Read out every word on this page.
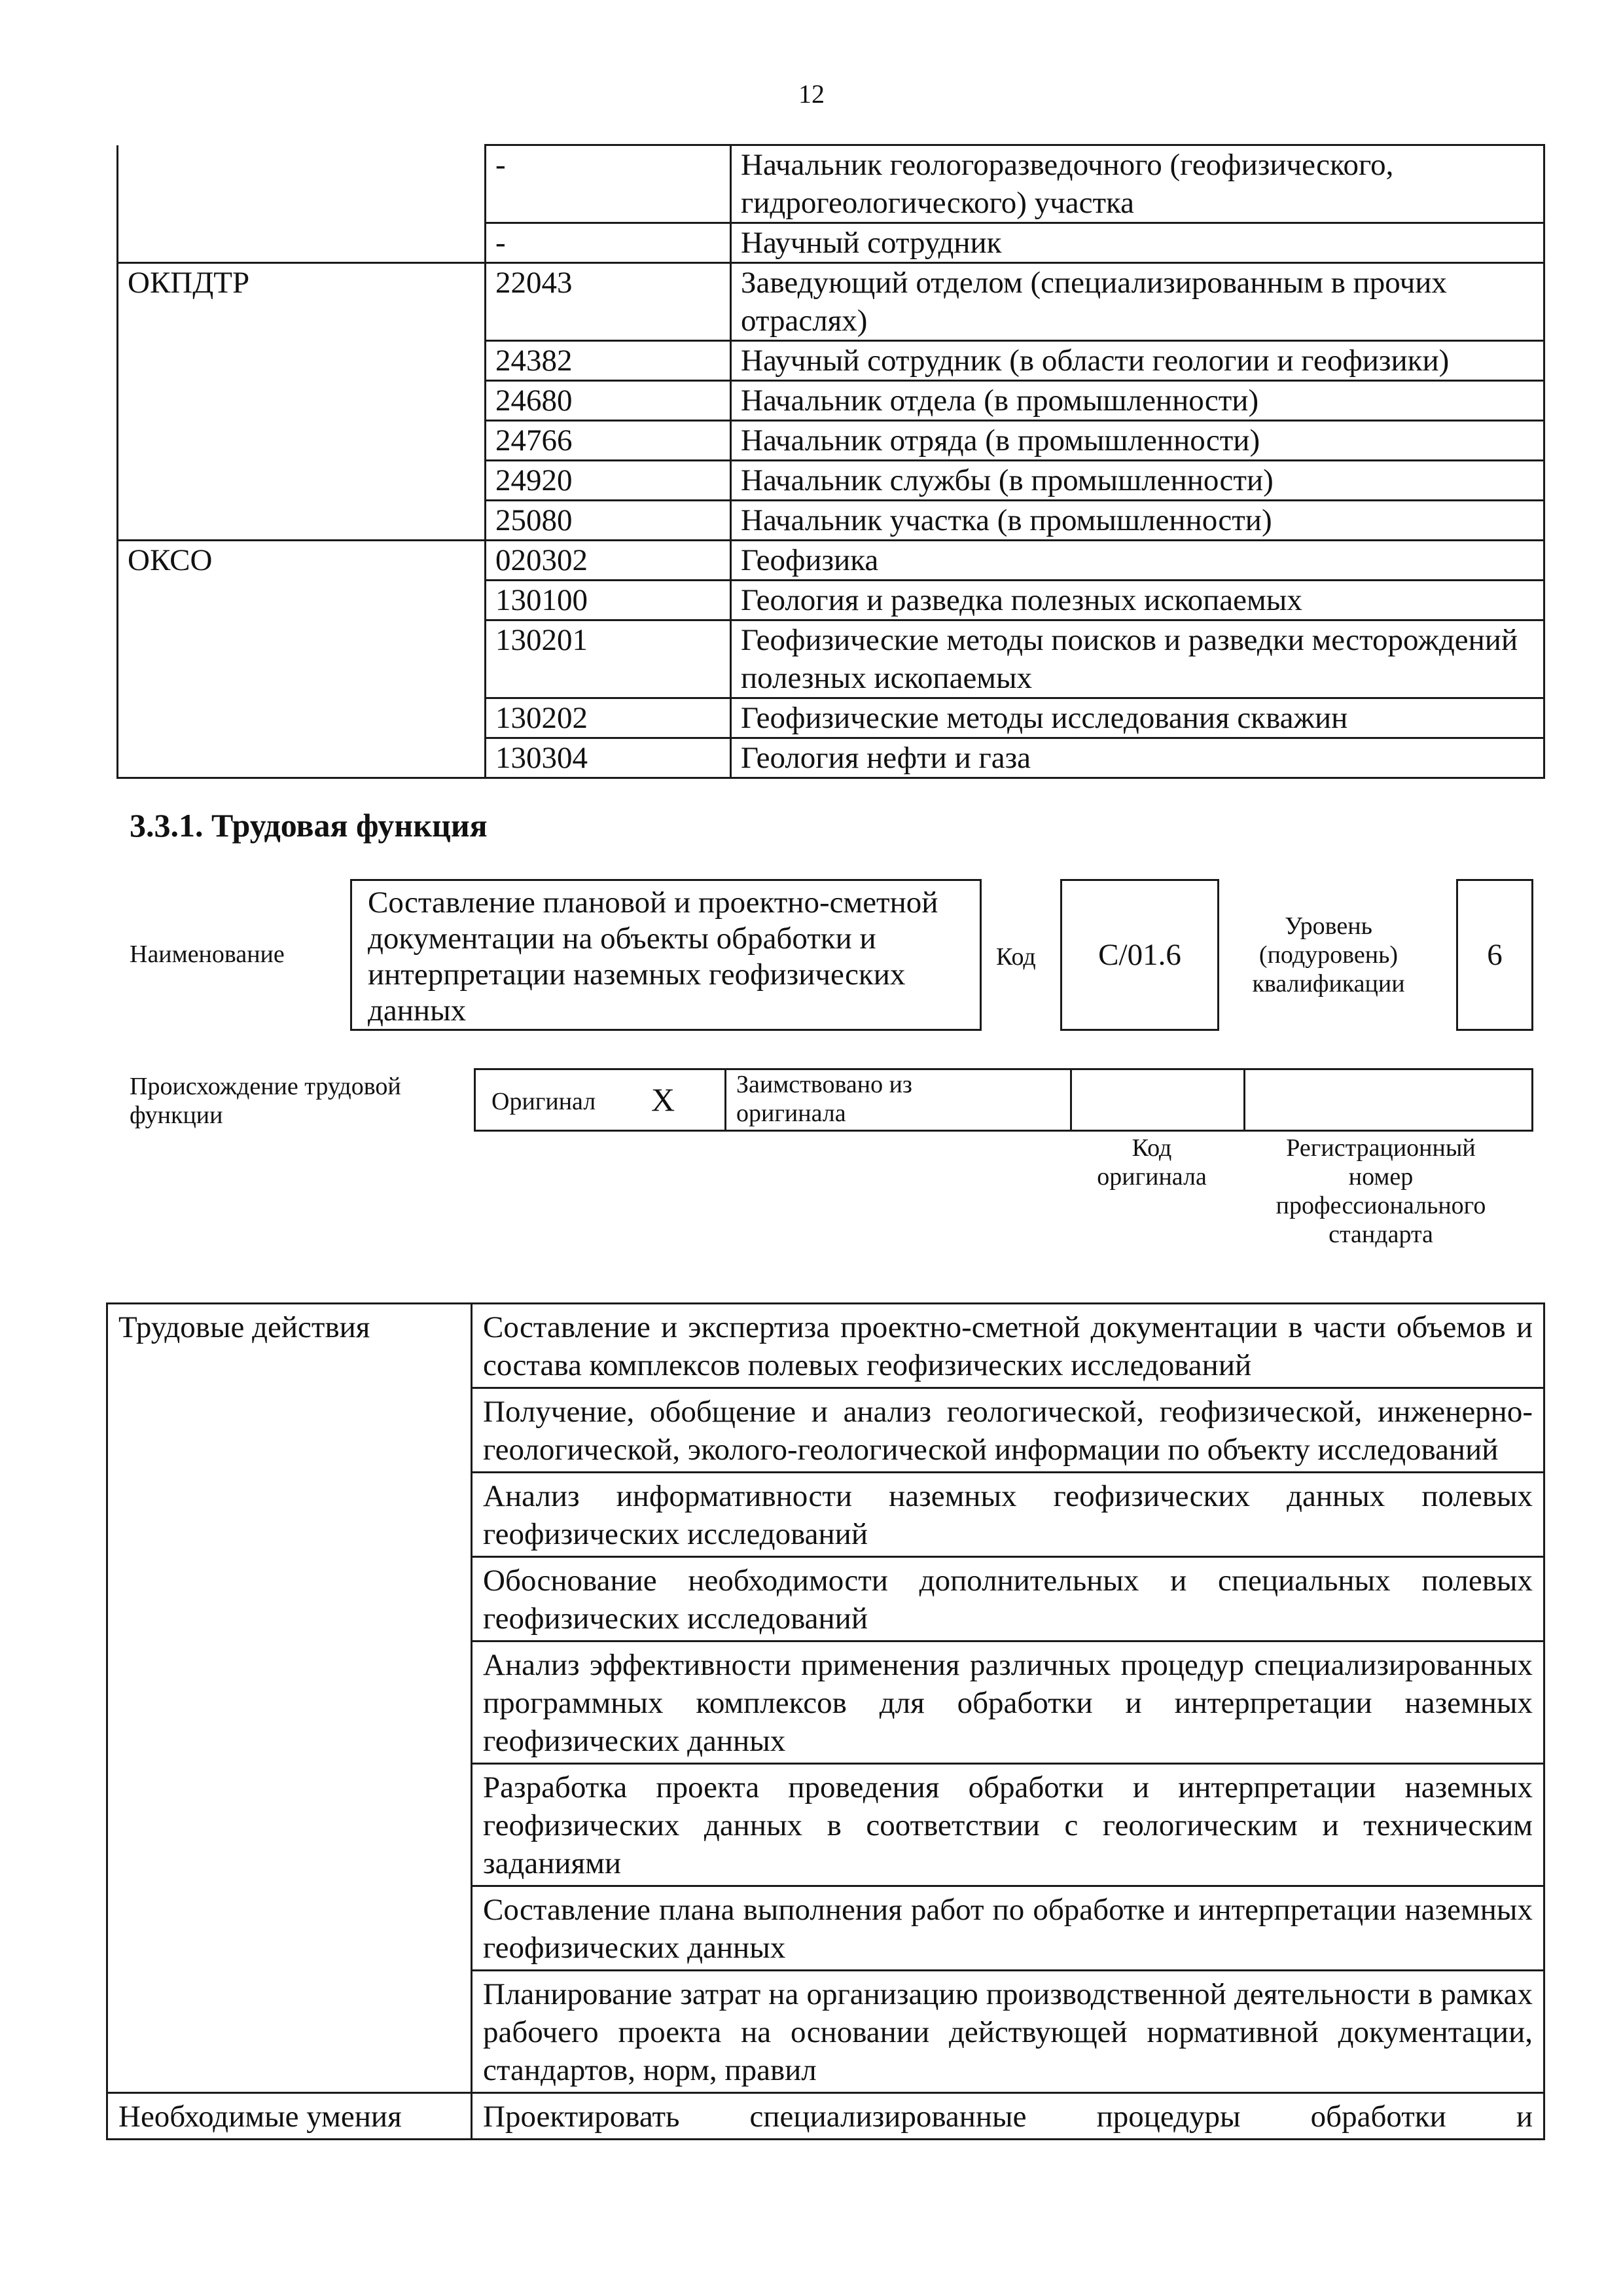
12
	-	Начальник геологоразведочного (геофизического, гидрогеологического) участка
	-	Научный сотрудник
ОКПДТР	22043	Заведующий отделом (специализированным в прочих отраслях)
	24382	Научный сотрудник (в области геологии и геофизики)
	24680	Начальник отдела (в промышленности)
	24766	Начальник отряда (в промышленности)
	24920	Начальник службы (в промышленности)
	25080	Начальник участка (в промышленности)
ОКСО	020302	Геофизика
	130100	Геология и разведка полезных ископаемых
	130201	Геофизические методы поисков и разведки месторождений полезных ископаемых
	130202	Геофизические методы исследования скважин
	130304	Геология нефти и газа
3.3.1. Трудовая функция
Наименование
Составление плановой и проектно-сметной документации на объекты обработки и интерпретации наземных геофизических данных
Код C/01.6
Уровень (подуровень) квалификации
6
Происхождение трудовой функции	Оригинал X Заимствовано из оригинала
Код оригинала
Регистрационный номер профессионального стандарта
Трудовые действия	Составление и экспертиза проектно-сметной документации в части объемов и состава комплексов полевых геофизических исследований
	Получение, обобщение и анализ геологической, геофизической, инженерно-геологической, эколого-геологической информации по объекту исследований
	Анализ информативности наземных геофизических данных полевых геофизических исследований
	Обоснование необходимости дополнительных и специальных полевых геофизических исследований
	Анализ эффективности применения различных процедур специализированных программных комплексов для обработки и интерпретации наземных геофизических данных
	Разработка проекта проведения обработки и интерпретации наземных геофизических данных в соответствии с геологическим и техническим заданиями
	Составление плана выполнения работ по обработке и интерпретации наземных геофизических данных
	Планирование затрат на организацию производственной деятельности в рамках рабочего проекта на основании действующей нормативной документации, стандартов, норм, правил
Необходимые умения	Проектировать специализированные процедуры обработки и
